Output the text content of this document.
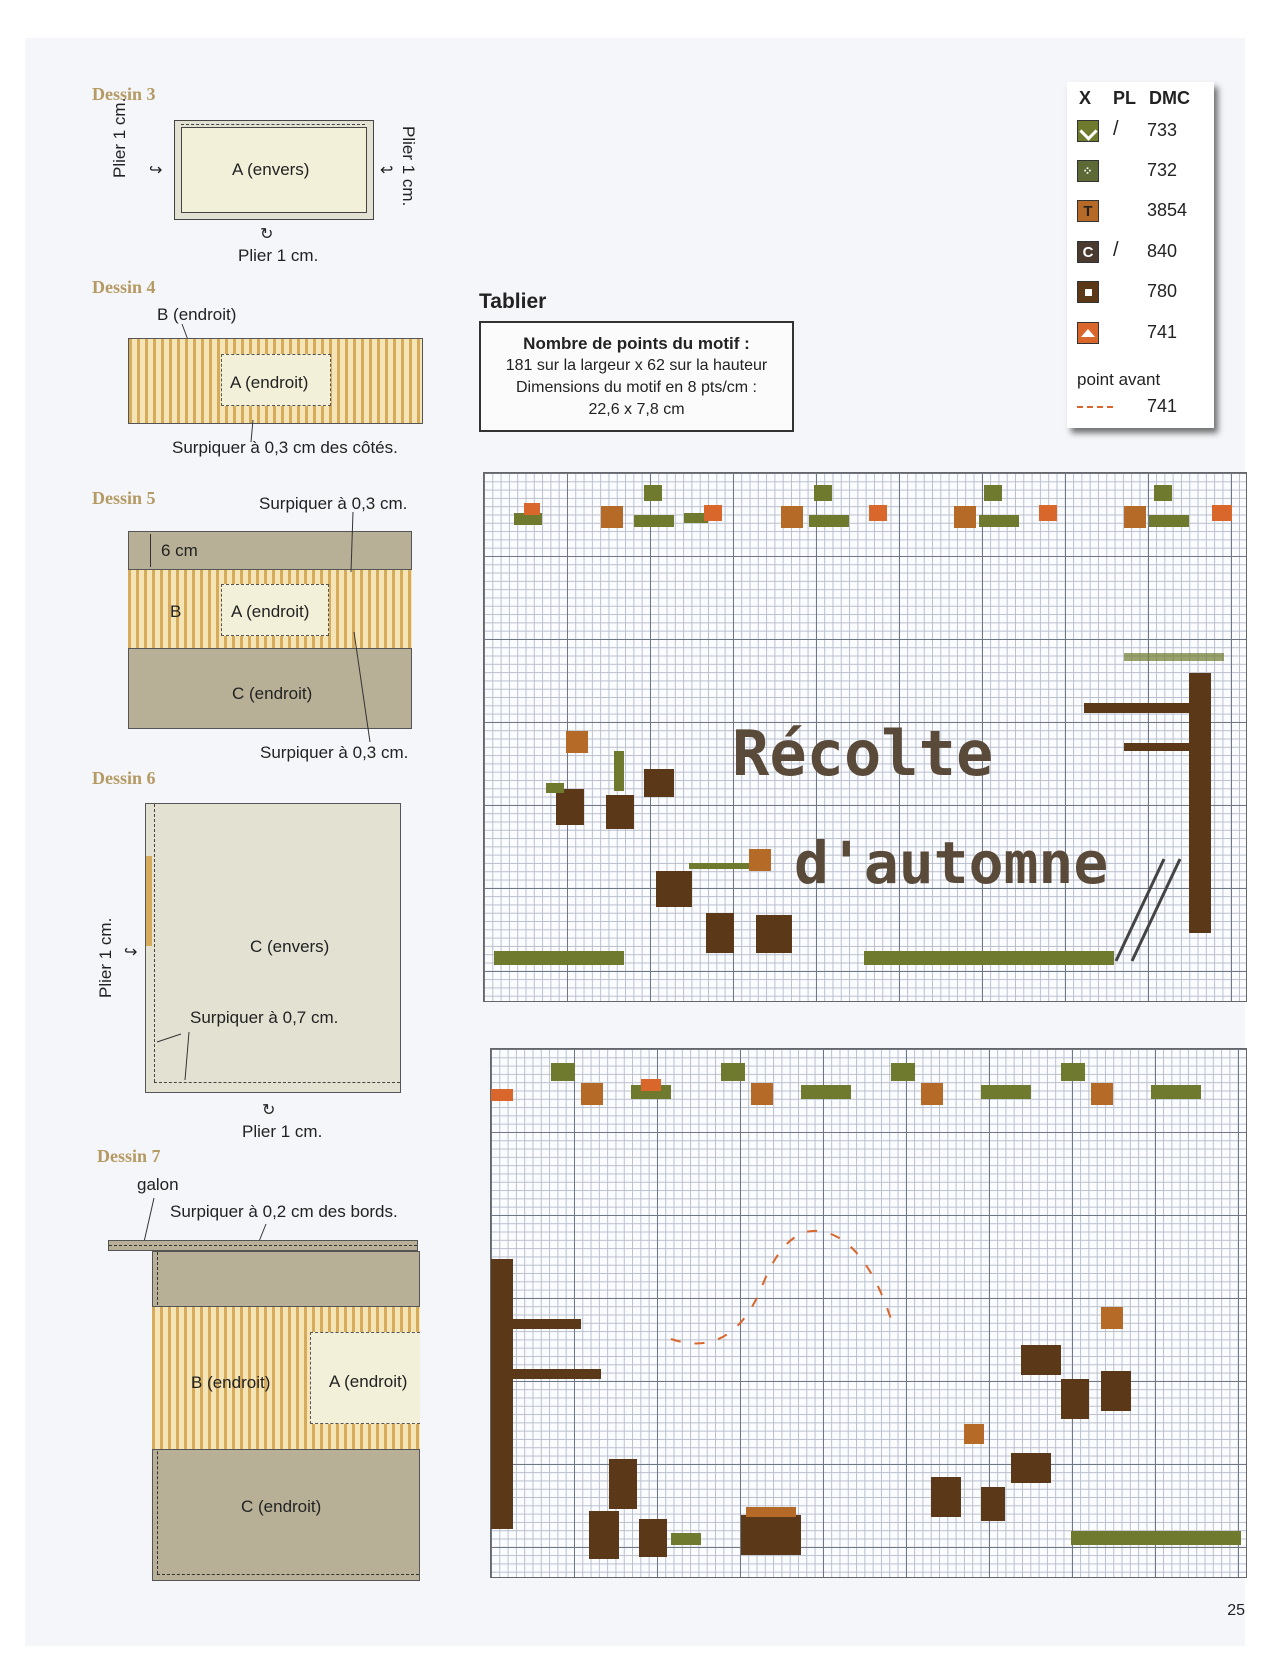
Dessin 3
A (envers)
Plier 1 cm. ↪	Plier 1 cm.
↩
↻
Plier 1 cm.
Dessin 4
B (endroit)
A (endroit)
Surpiquer à 0,3 cm des côtés.
Dessin 5	Surpiquer à 0,3 cm.
A (endroit)
B
6 cm
C (endroit)
Surpiquer à 0,3 cm.
Dessin 6
C (envers)
Plier 1 cm. ↪
Surpiquer à 0,7 cm.
↻
Plier 1 cm.
Dessin 7
galon
Surpiquer à 0,2 cm des bords.
B (endroit)	A (endroit)
C (endroit)
Tablier
Nombre de points du motif :
181 sur la largeur x 62 sur la hauteur
Dimensions du motif en 8 pts/cm :
22,6 x 7,8 cm
X PL DMC
/ 733
⁘	732
T	3854
C / 840
780
741
point avant
741
Récolte
d'automne
25
